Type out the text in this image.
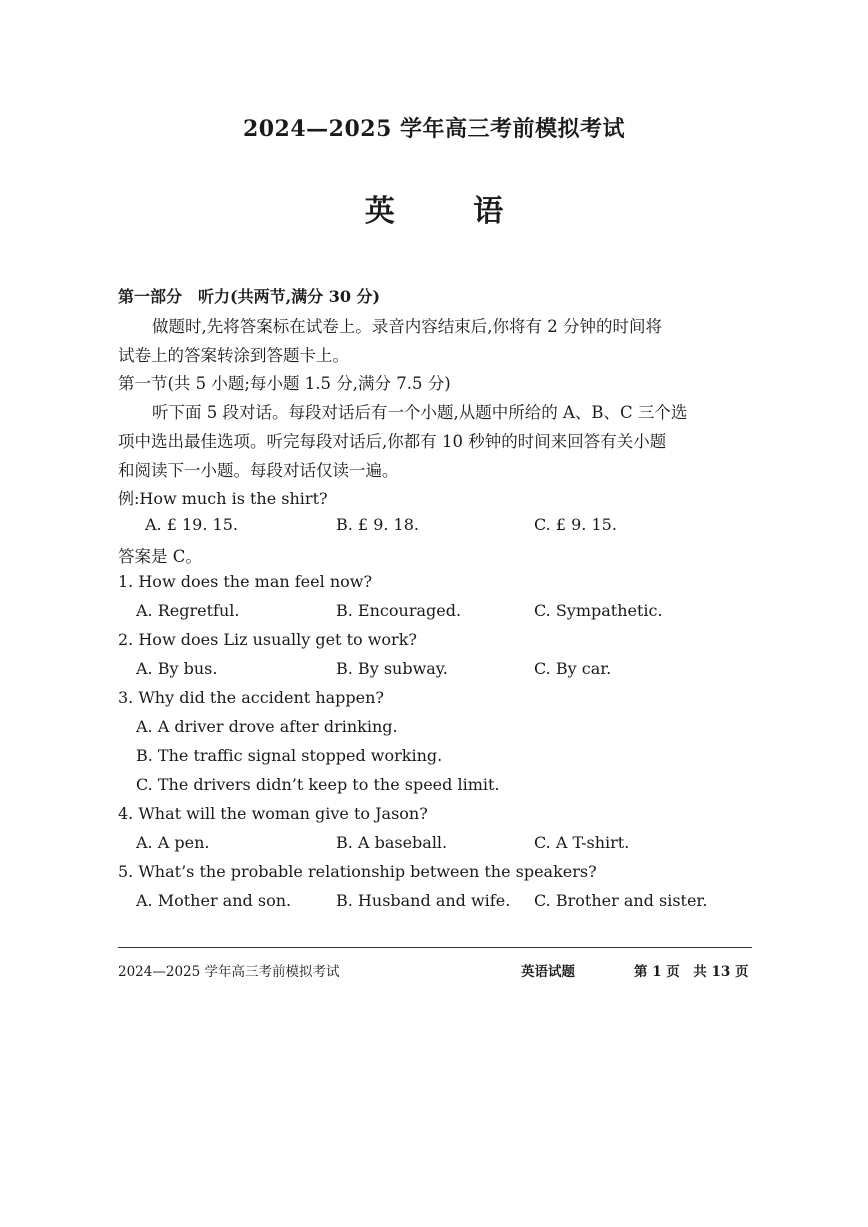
2024—2025 学年高三考前模拟考试
英 语
第一部分　听力(共两节,满分 30 分)
做题时,先将答案标在试卷上。录音内容结束后,你将有 2 分钟的时间将
试卷上的答案转涂到答题卡上。
第一节(共 5 小题;每小题 1.5 分,满分 7.5 分)
听下面 5 段对话。每段对话后有一个小题,从题中所给的 A、B、C 三个选
项中选出最佳选项。听完每段对话后,你都有 10 秒钟的时间来回答有关小题
和阅读下一小题。每段对话仅读一遍。
例:How much is the shirt?
A. £ 19. 15.	B. £ 9. 18.	C. £ 9. 15.
答案是 C。
1. How does the man feel now?
A. Regretful.	B. Encouraged.	C. Sympathetic.
2. How does Liz usually get to work?
A. By bus.	B. By subway.	C. By car.
3. Why did the accident happen?
A. A driver drove after drinking.
B. The traffic signal stopped working.
C. The drivers didn’t keep to the speed limit.
4. What will the woman give to Jason?
A. A pen.	B. A baseball.	C. A T-shirt.
5. What’s the probable relationship between the speakers?
A. Mother and son.	B. Husband and wife. C. Brother and sister.
2024—2025 学年高三考前模拟考试	英语试题	第 1 页　共 13 页
